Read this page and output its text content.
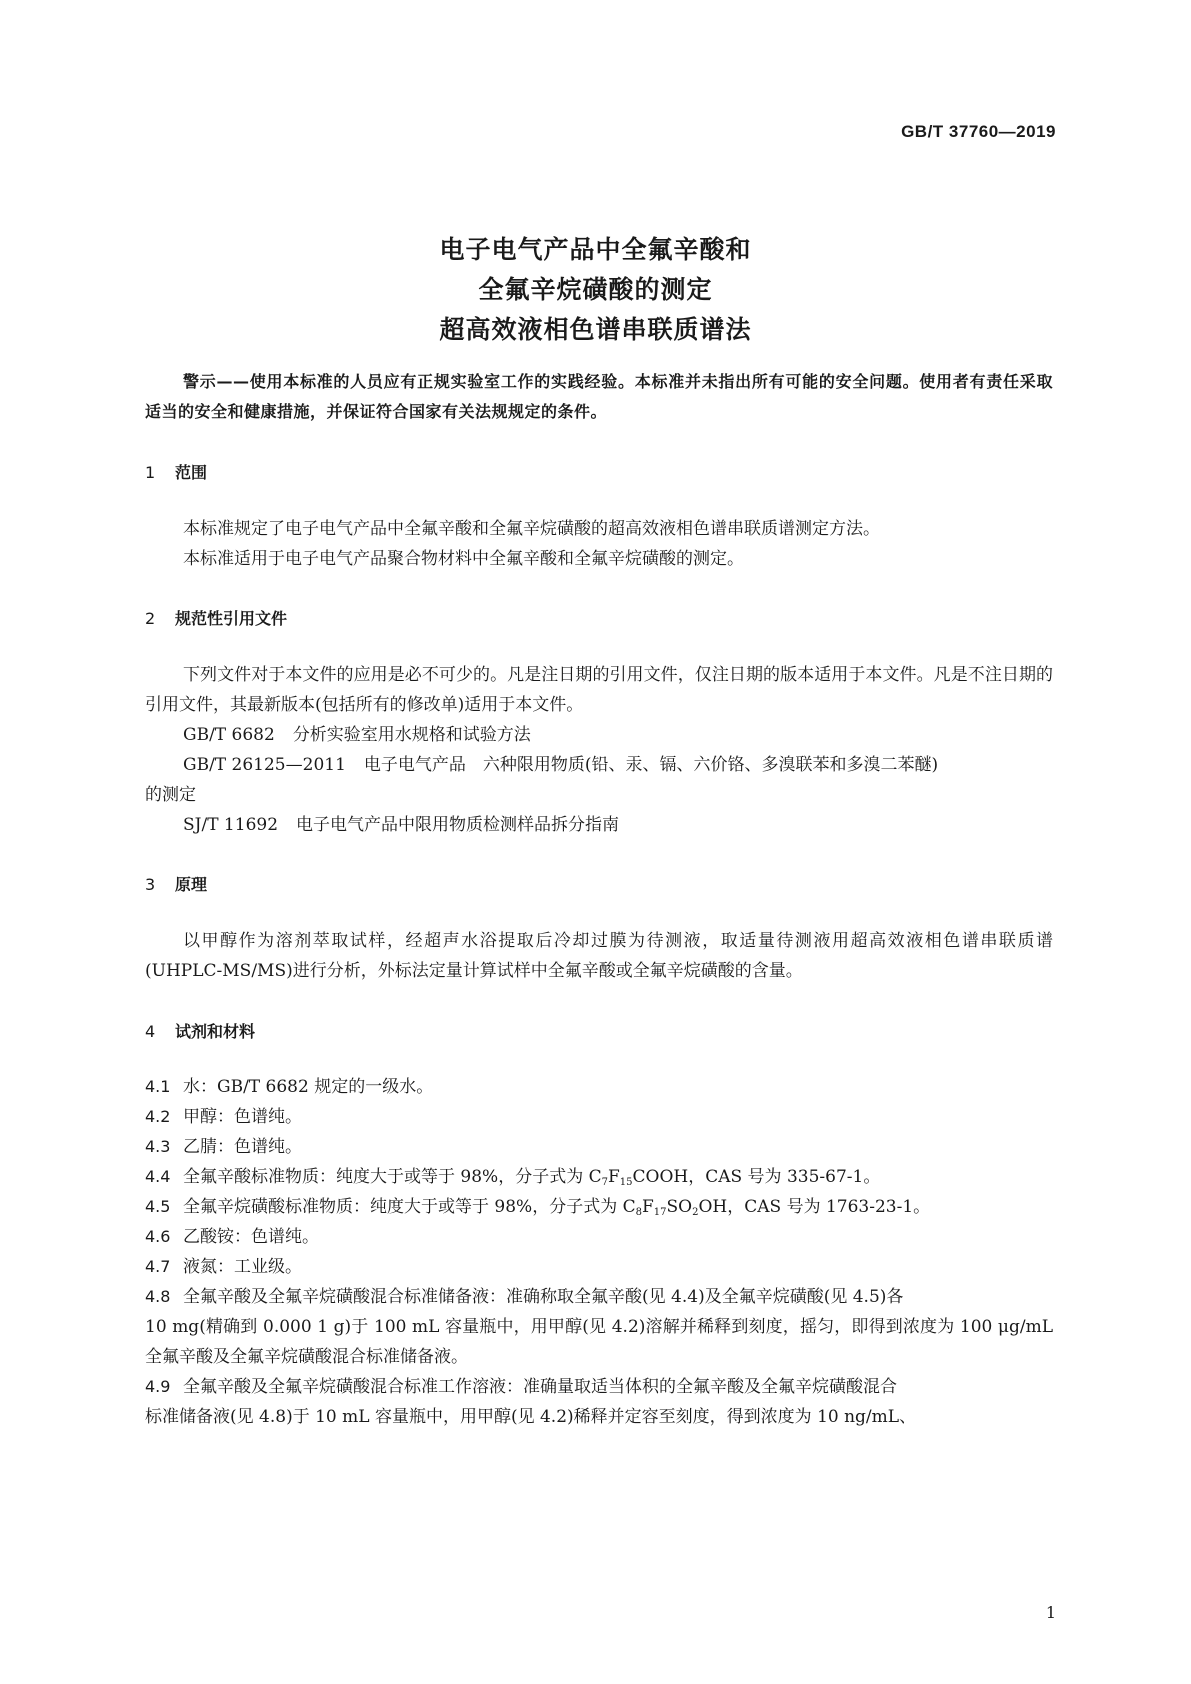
GB/T 37760—2019
电子电气产品中全氟辛酸和
全氟辛烷磺酸的测定
超高效液相色谱串联质谱法
警示——使用本标准的人员应有正规实验室工作的实践经验。本标准并未指出所有可能的安全问题。使用者有责任采取适当的安全和健康措施，并保证符合国家有关法规规定的条件。
1 范围
本标准规定了电子电气产品中全氟辛酸和全氟辛烷磺酸的超高效液相色谱串联质谱测定方法。
本标准适用于电子电气产品聚合物材料中全氟辛酸和全氟辛烷磺酸的测定。
2 规范性引用文件
下列文件对于本文件的应用是必不可少的。凡是注日期的引用文件，仅注日期的版本适用于本文件。凡是不注日期的引用文件，其最新版本(包括所有的修改单)适用于本文件。
GB/T 6682 分析实验室用水规格和试验方法
GB/T 26125—2011 电子电气产品　六种限用物质(铅、汞、镉、六价铬、多溴联苯和多溴二苯醚)
的测定
SJ/T 11692 电子电气产品中限用物质检测样品拆分指南
3 原理
以甲醇作为溶剂萃取试样，经超声水浴提取后冷却过膜为待测液，取适量待测液用超高效液相色谱串联质谱(UHPLC-MS/MS)进行分析，外标法定量计算试样中全氟辛酸或全氟辛烷磺酸的含量。
4 试剂和材料
4.1 水：GB/T 6682 规定的一级水。
4.2 甲醇：色谱纯。
4.3 乙腈：色谱纯。
4.4 全氟辛酸标准物质：纯度大于或等于 98%，分子式为 $C_7F_{15}COOH$，CAS 号为 335-67-1。
4.5 全氟辛烷磺酸标准物质：纯度大于或等于 98%，分子式为 $C_8F_{17}SO_2OH$，CAS 号为 1763-23-1。
4.6 乙酸铵：色谱纯。
4.7 液氮：工业级。
4.8 全氟辛酸及全氟辛烷磺酸混合标准储备液：准确称取全氟辛酸(见 4.4)及全氟辛烷磺酸(见 4.5)各
10 mg(精确到 0.000 1 g)于 100 mL 容量瓶中，用甲醇(见 4.2)溶解并稀释到刻度，摇匀，即得到浓度为 100 μg/mL 全氟辛酸及全氟辛烷磺酸混合标准储备液。
4.9 全氟辛酸及全氟辛烷磺酸混合标准工作溶液：准确量取适当体积的全氟辛酸及全氟辛烷磺酸混合
标准储备液(见 4.8)于 10 mL 容量瓶中，用甲醇(见 4.2)稀释并定容至刻度，得到浓度为 10 ng/mL、
1
